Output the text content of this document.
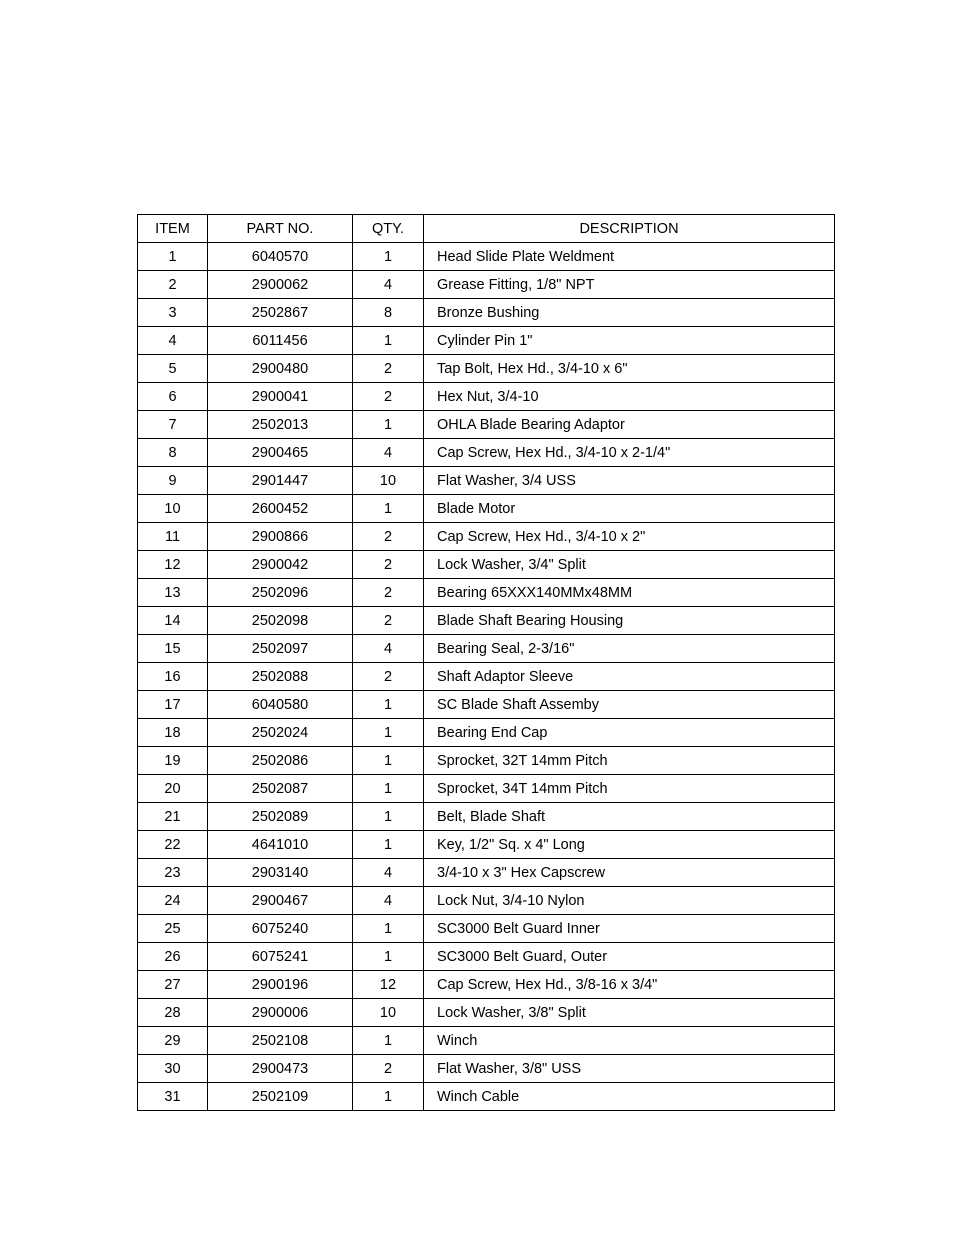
ITEM	PART NO.	QTY.	DESCRIPTION
1	6040570	1	Head Slide Plate Weldment
2	2900062	4	Grease Fitting, 1/8" NPT
3	2502867	8	Bronze Bushing
4	6011456	1	Cylinder Pin 1"
5	2900480	2	Tap Bolt, Hex Hd., 3/4-10 x 6"
6	2900041	2	Hex Nut, 3/4-10
7	2502013	1	OHLA Blade Bearing Adaptor
8	2900465	4	Cap Screw, Hex Hd., 3/4-10 x 2-1/4"
9	2901447	10	Flat Washer, 3/4 USS
10	2600452	1	Blade Motor
11	2900866	2	Cap Screw, Hex Hd., 3/4-10 x 2"
12	2900042	2	Lock Washer, 3/4" Split
13	2502096	2	Bearing 65XXX140MMx48MM
14	2502098	2	Blade Shaft Bearing Housing
15	2502097	4	Bearing Seal, 2-3/16"
16	2502088	2	Shaft Adaptor Sleeve
17	6040580	1	SC Blade Shaft Assemby
18	2502024	1	Bearing End Cap
19	2502086	1	Sprocket, 32T 14mm Pitch
20	2502087	1	Sprocket, 34T 14mm Pitch
21	2502089	1	Belt, Blade Shaft
22	4641010	1	Key, 1/2" Sq. x 4" Long
23	2903140	4	3/4-10 x 3" Hex Capscrew
24	2900467	4	Lock Nut, 3/4-10 Nylon
25	6075240	1	SC3000 Belt Guard Inner
26	6075241	1	SC3000 Belt Guard, Outer
27	2900196	12	Cap Screw, Hex Hd., 3/8-16 x 3/4"
28	2900006	10	Lock Washer, 3/8" Split
29	2502108	1	Winch
30	2900473	2	Flat Washer, 3/8" USS
31	2502109	1	Winch Cable
